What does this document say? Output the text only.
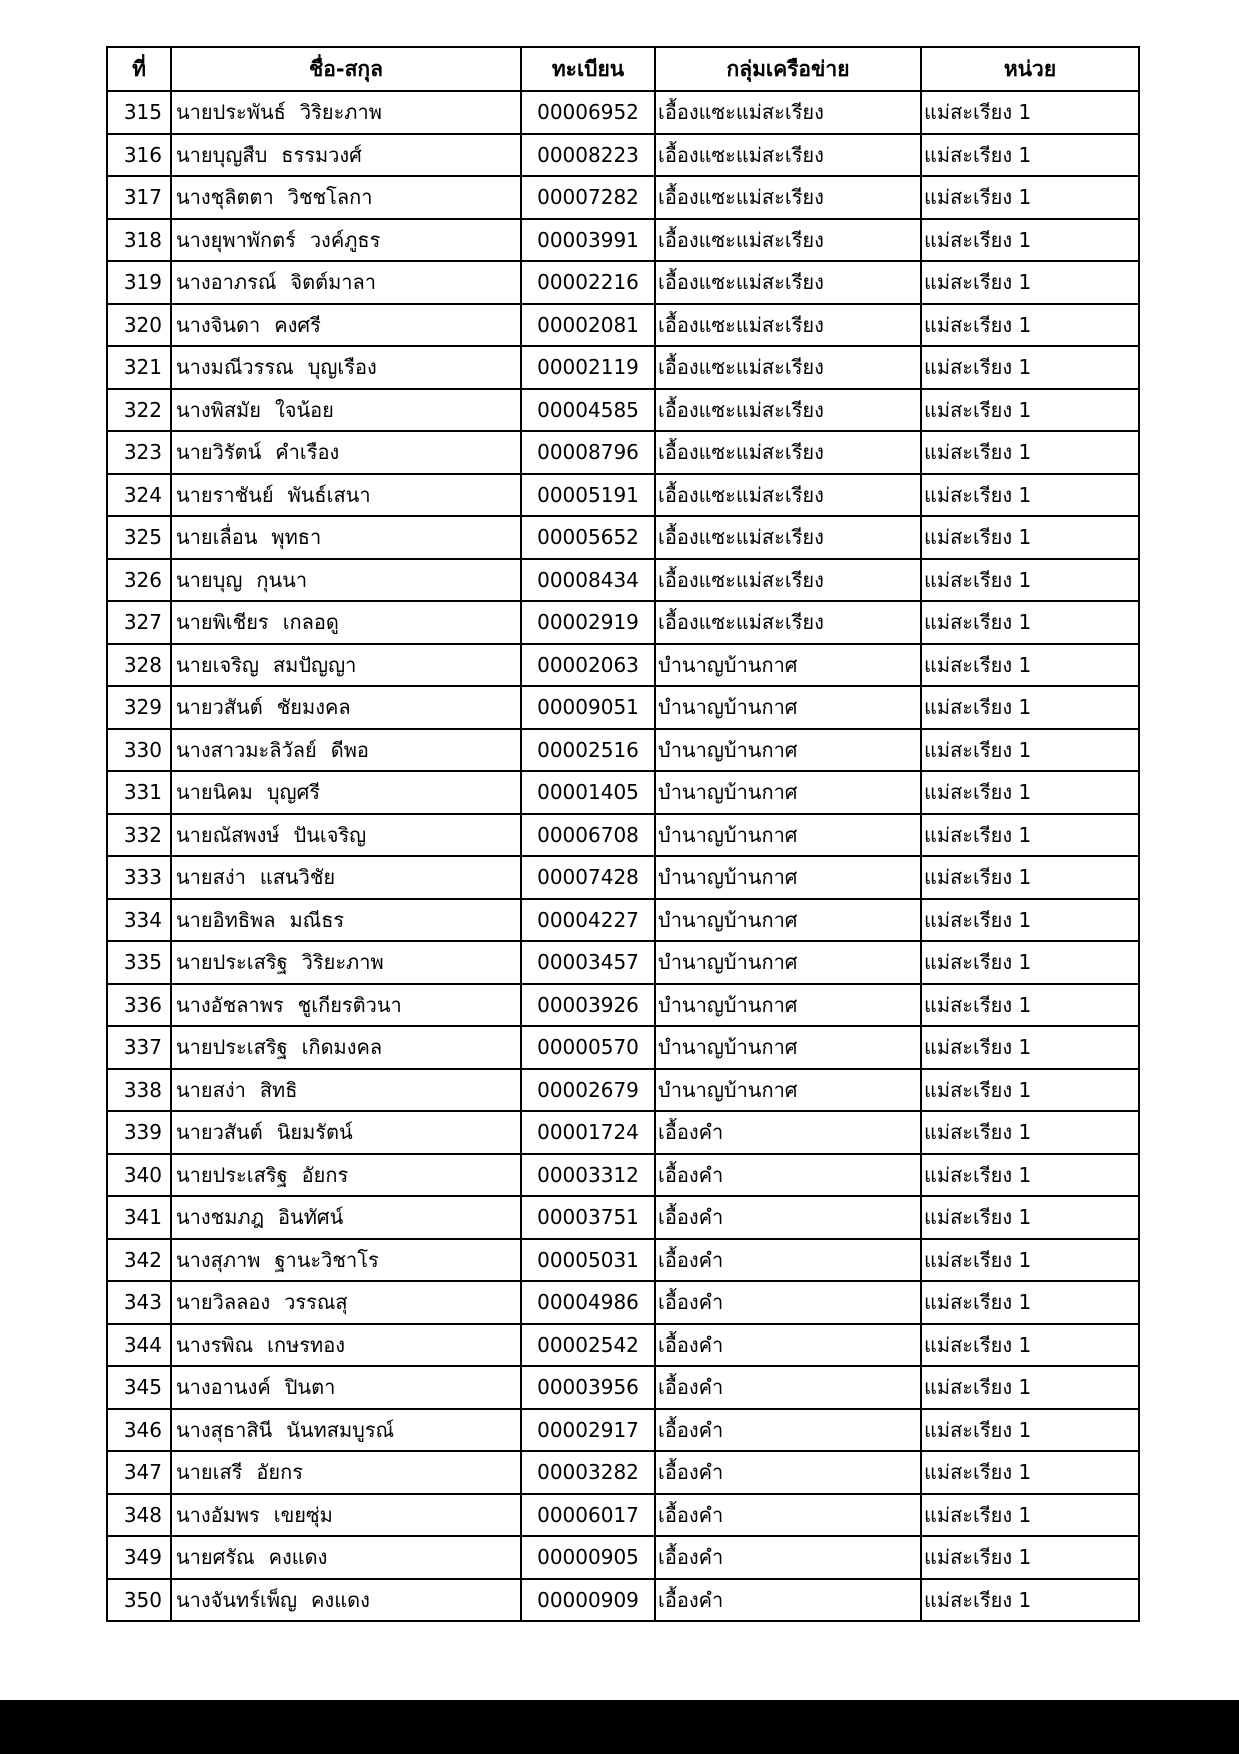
ที่	ชื่อ-สกุล	ทะเบียน	กลุ่มเครือข่าย	หน่วย
315	นายประพันธ์ วิริยะภาพ	00006952	เอื้องแซะแม่สะเรียง	แม่สะเรียง 1
316	นายบุญสืบ ธรรมวงศ์	00008223	เอื้องแซะแม่สะเรียง	แม่สะเรียง 1
317	นางชุลิตตา วิชชโลกา	00007282	เอื้องแซะแม่สะเรียง	แม่สะเรียง 1
318	นางยุพาพักตร์ วงค์ภูธร	00003991	เอื้องแซะแม่สะเรียง	แม่สะเรียง 1
319	นางอาภรณ์ จิตต์มาลา	00002216	เอื้องแซะแม่สะเรียง	แม่สะเรียง 1
320	นางจินดา คงศรี	00002081	เอื้องแซะแม่สะเรียง	แม่สะเรียง 1
321	นางมณีวรรณ บุญเรือง	00002119	เอื้องแซะแม่สะเรียง	แม่สะเรียง 1
322	นางพิสมัย ใจน้อย	00004585	เอื้องแซะแม่สะเรียง	แม่สะเรียง 1
323	นายวิรัตน์ คำเรือง	00008796	เอื้องแซะแม่สะเรียง	แม่สะเรียง 1
324	นายราชันย์ พันธ์เสนา	00005191	เอื้องแซะแม่สะเรียง	แม่สะเรียง 1
325	นายเลื่อน พุทธา	00005652	เอื้องแซะแม่สะเรียง	แม่สะเรียง 1
326	นายบุญ กุนนา	00008434	เอื้องแซะแม่สะเรียง	แม่สะเรียง 1
327	นายพิเชียร เกลอดู	00002919	เอื้องแซะแม่สะเรียง	แม่สะเรียง 1
328	นายเจริญ สมปัญญา	00002063	บำนาญบ้านกาศ	แม่สะเรียง 1
329	นายวสันต์ ชัยมงคล	00009051	บำนาญบ้านกาศ	แม่สะเรียง 1
330	นางสาวมะลิวัลย์ ดีพอ	00002516	บำนาญบ้านกาศ	แม่สะเรียง 1
331	นายนิคม บุญศรี	00001405	บำนาญบ้านกาศ	แม่สะเรียง 1
332	นายณัสพงษ์ ปันเจริญ	00006708	บำนาญบ้านกาศ	แม่สะเรียง 1
333	นายสง่า แสนวิชัย	00007428	บำนาญบ้านกาศ	แม่สะเรียง 1
334	นายอิทธิพล มณีธร	00004227	บำนาญบ้านกาศ	แม่สะเรียง 1
335	นายประเสริฐ วิริยะภาพ	00003457	บำนาญบ้านกาศ	แม่สะเรียง 1
336	นางอัชลาพร ชูเกียรติวนา	00003926	บำนาญบ้านกาศ	แม่สะเรียง 1
337	นายประเสริฐ เกิดมงคล	00000570	บำนาญบ้านกาศ	แม่สะเรียง 1
338	นายสง่า สิทธิ	00002679	บำนาญบ้านกาศ	แม่สะเรียง 1
339	นายวสันต์ นิยมรัตน์	00001724	เอื้องคำ	แม่สะเรียง 1
340	นายประเสริฐ อัยกร	00003312	เอื้องคำ	แม่สะเรียง 1
341	นางชมภฎ อินทัศน์	00003751	เอื้องคำ	แม่สะเรียง 1
342	นางสุภาพ ฐานะวิชาโร	00005031	เอื้องคำ	แม่สะเรียง 1
343	นายวิลลอง วรรณสุ	00004986	เอื้องคำ	แม่สะเรียง 1
344	นางรพิณ เกษรทอง	00002542	เอื้องคำ	แม่สะเรียง 1
345	นางอานงค์ ปินตา	00003956	เอื้องคำ	แม่สะเรียง 1
346	นางสุธาสินี นันทสมบูรณ์	00002917	เอื้องคำ	แม่สะเรียง 1
347	นายเสรี อัยกร	00003282	เอื้องคำ	แม่สะเรียง 1
348	นางอัมพร เขยซุ่ม	00006017	เอื้องคำ	แม่สะเรียง 1
349	นายศรัณ คงแดง	00000905	เอื้องคำ	แม่สะเรียง 1
350	นางจันทร์เพ็ญ คงแดง	00000909	เอื้องคำ	แม่สะเรียง 1
